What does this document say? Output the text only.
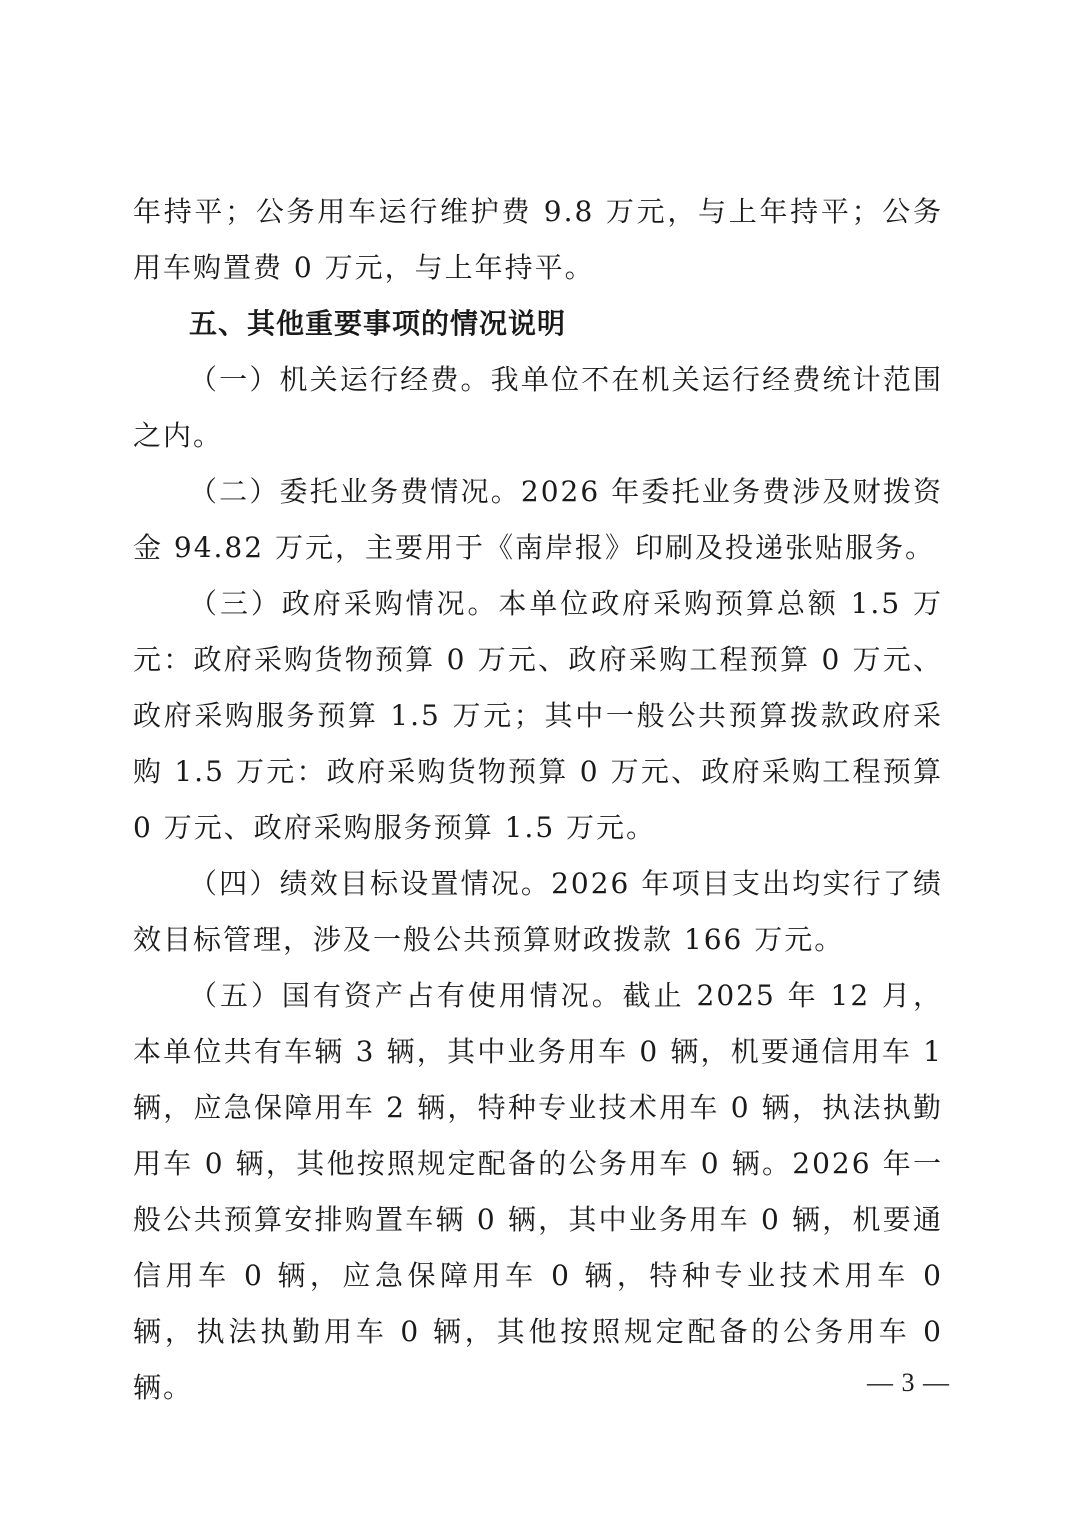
年持平；公务用车运行维护费 9.8 万元，与上年持平；公务用车购置费 0 万元，与上年持平。

五、其他重要事项的情况说明

（一）机关运行经费。我单位不在机关运行经费统计范围之内。

（二）委托业务费情况。2026 年委托业务费涉及财拨资金 94.82 万元，主要用于《南岸报》印刷及投递张贴服务。

（三）政府采购情况。本单位政府采购预算总额 1.5 万元：政府采购货物预算 0 万元、政府采购工程预算 0 万元、政府采购服务预算 1.5 万元；其中一般公共预算拨款政府采购 1.5 万元：政府采购货物预算 0 万元、政府采购工程预算 0 万元、政府采购服务预算 1.5 万元。

（四）绩效目标设置情况。2026 年项目支出均实行了绩效目标管理，涉及一般公共预算财政拨款 166 万元。

（五）国有资产占有使用情况。截止 2025 年 12 月，本单位共有车辆 3 辆，其中业务用车 0 辆，机要通信用车 1 辆，应急保障用车 2 辆，特种专业技术用车 0 辆，执法执勤用车 0 辆，其他按照规定配备的公务用车 0 辆。2026 年一般公共预算安排购置车辆 0 辆，其中业务用车 0 辆，机要通信用车 0 辆，应急保障用车 0 辆，特种专业技术用车 0 辆，执法执勤用车 0 辆，其他按照规定配备的公务用车 0 辆。	— 3 —
